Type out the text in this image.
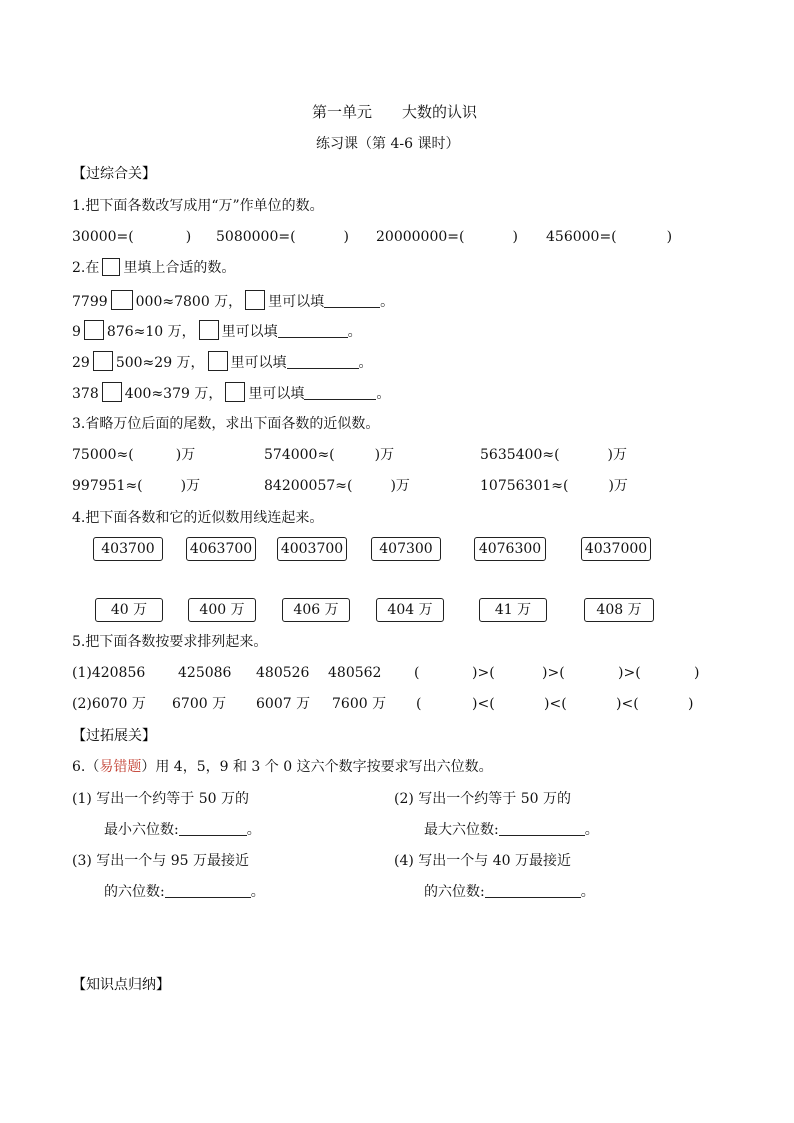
第一单元 大数的认识
练习课（第 4-6 课时）
【过综合关】
1.把下面各数改写成用“万”作单位的数。
30000=(	) 5080000=(	) 20000000=(	) 456000=(	)
2.在 里填上合适的数。
7799 000≈7800 万， 里可以填	。
9 876≈10 万， 里可以填	。
29 500≈29 万， 里可以填	。
378 400≈379 万， 里可以填	。
3.省略万位后面的尾数，求出下面各数的近似数。
75000≈(	)万	574000≈(	)万	5635400≈(	)万
997951≈(	)万	84200057≈(	)万	10756301≈(	)万
4.把下面各数和它的近似数用线连起来。
403700	4063700 4003700	407300	4076300	4037000
40 万	400 万	406 万	404 万	41 万	408 万
5.把下面各数按要求排列起来。
(1)420856 425086 480526 480562 (	)>(	)>(	)>(	)
(2)6070 万 6700 万 6007 万 7600 万 (	)<(	)<(	)<(	)
【过拓展关】
6.（易错题）用 4，5，9 和 3 个 0 这六个数字按要求写出六位数。
(1) 写出一个约等于 50 万的
最小六位数:	。
(2) 写出一个约等于 50 万的
最大六位数:	。
(3) 写出一个与 95 万最接近
的六位数:	。
(4) 写出一个与 40 万最接近
的六位数:	。
【知识点归纳】
